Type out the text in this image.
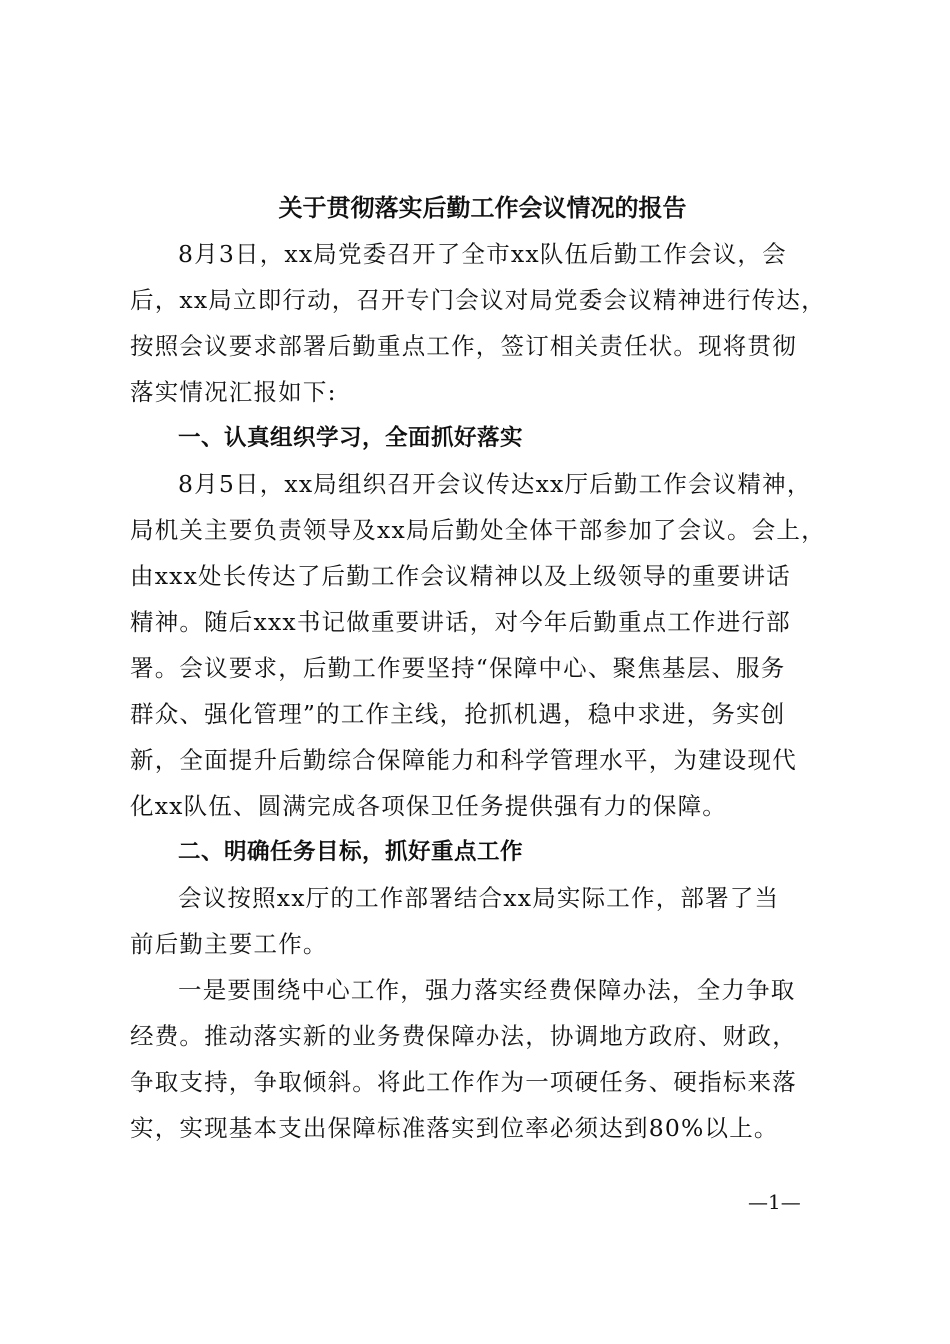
关于贯彻落实后勤工作会议情况的报告
8月3日，xx局党委召开了全市xx队伍后勤工作会议，会
后，xx局立即行动，召开专门会议对局党委会议精神进行传达，
按照会议要求部署后勤重点工作，签订相关责任状。现将贯彻
落实情况汇报如下:
一、认真组织学习，全面抓好落实
8月5日，xx局组织召开会议传达xx厅后勤工作会议精神，
局机关主要负责领导及xx局后勤处全体干部参加了会议。会上，
由xxx处长传达了后勤工作会议精神以及上级领导的重要讲话
精神。随后xxx书记做重要讲话，对今年后勤重点工作进行部
署。会议要求，后勤工作要坚持“保障中心、聚焦基层、服务
群众、强化管理”的工作主线，抢抓机遇，稳中求进，务实创
新，全面提升后勤综合保障能力和科学管理水平，为建设现代
化xx队伍、圆满完成各项保卫任务提供强有力的保障。
二、明确任务目标，抓好重点工作
会议按照xx厅的工作部署结合xx局实际工作，部署了当
前后勤主要工作。
一是要围绕中心工作，强力落实经费保障办法，全力争取
经费。推动落实新的业务费保障办法，协调地方政府、财政，
争取支持，争取倾斜。将此工作作为一项硬任务、硬指标来落
实，实现基本支出保障标准落实到位率必须达到80%以上。
—1—
